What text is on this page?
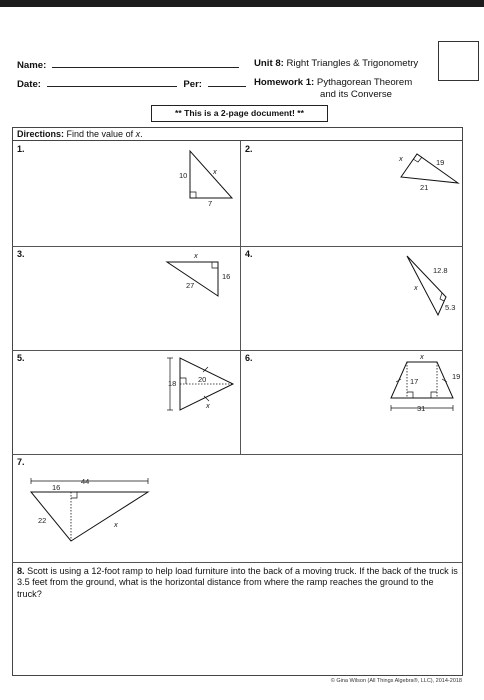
Name:
Date:	Per:
Unit 8: Right Triangles & Trigonometry
Homework 1: Pythagorean Theorem
and its Converse
** This is a 2-page document! **
Directions: Find the value of x.
1.	2.
3.	4.
5.	6.
7.
10
7
x
x	19
21
x
16
27
12.8
x
5.3
18	20
x
x
17
19
31
44
16
22	x
8. Scott is using a 12-foot ramp to help load furniture into the back of a moving truck. If the back of the truck is 3.5 feet from the ground, what is the horizontal distance from where the ramp reaches the ground to the truck?
© Gina Wilson (All Things Algebra®, LLC), 2014-2018
